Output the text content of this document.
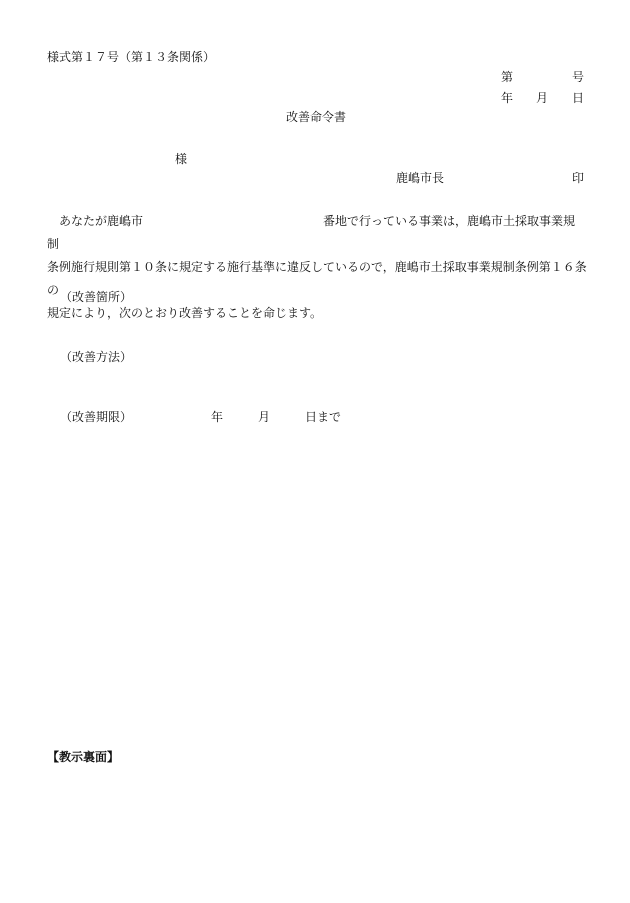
様式第１７号（第１３条関係）
第	号
年 月 日
改善命令書
様
鹿嶋市長	印

あなたが鹿嶋市	番地で行っている事業は，鹿嶋市土採取事業規制

条例施行規則第１０条に規定する施行基準に違反しているので，鹿嶋市土採取事業規制条例第１６条の

規定により，次のとおり改善することを命じます。

（改善箇所）
（改善方法）
（改善期限）	年	月	日まで
【教示裏面】
